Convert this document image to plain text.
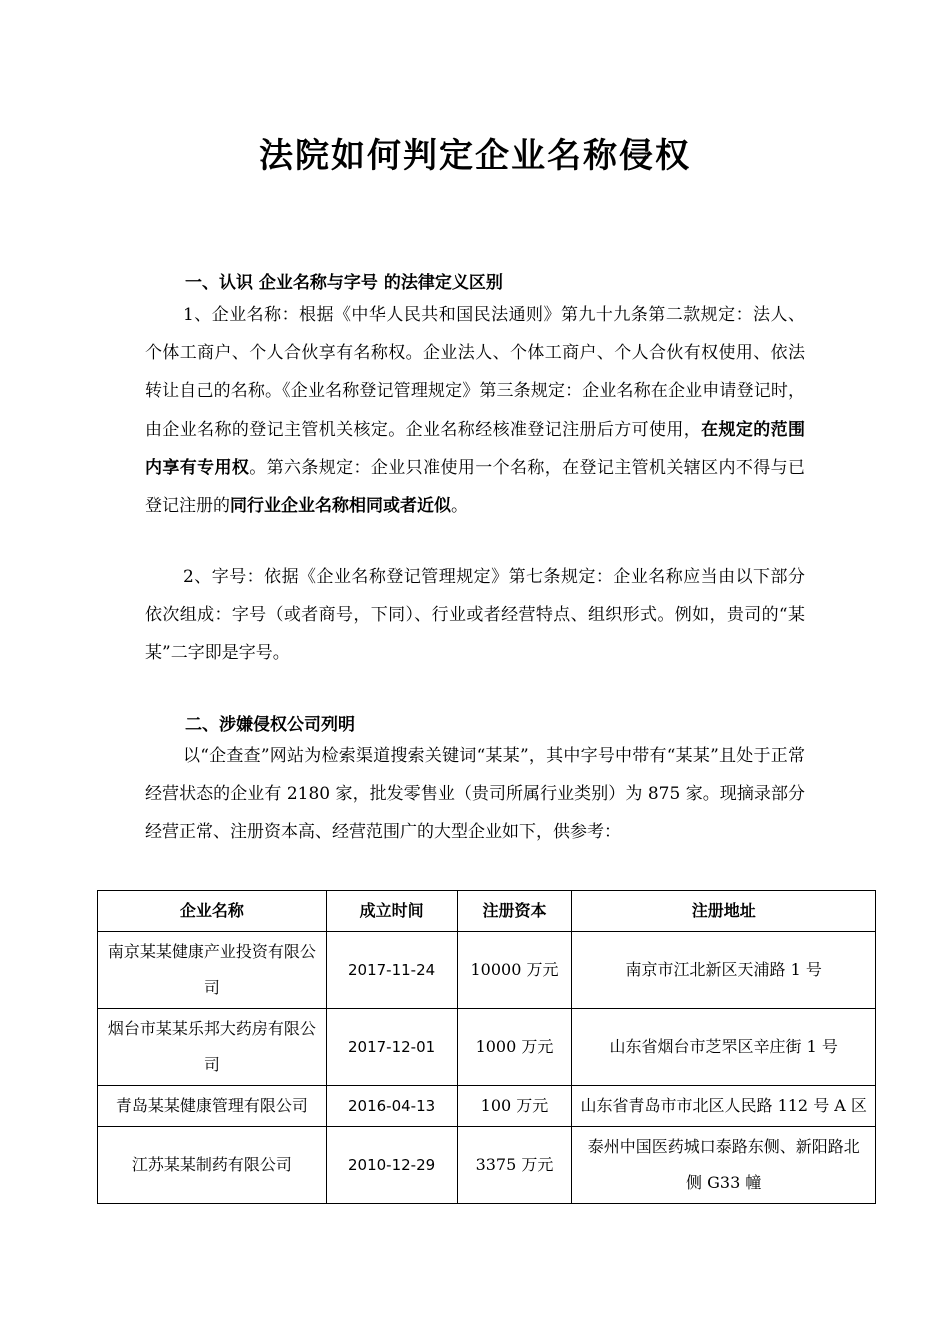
法院如何判定企业名称侵权
一、认识 企业名称与字号 的法律定义区别
1、企业名称：根据《中华人民共和国民法通则》第九十九条第二款规定：法人、个体工商户、个人合伙享有名称权。企业法人、个体工商户、个人合伙有权使用、依法转让自己的名称。《企业名称登记管理规定》第三条规定：企业名称在企业申请登记时，由企业名称的登记主管机关核定。企业名称经核准登记注册后方可使用，在规定的范围内享有专用权。第六条规定：企业只准使用一个名称，在登记主管机关辖区内不得与已登记注册的同行业企业名称相同或者近似。
2、字号：依据《企业名称登记管理规定》第七条规定：企业名称应当由以下部分依次组成：字号（或者商号，下同）、行业或者经营特点、组织形式。例如，贵司的“某某”二字即是字号。
二、涉嫌侵权公司列明
以“企查查”网站为检索渠道搜索关键词“某某”，其中字号中带有“某某”且处于正常经营状态的企业有 2180 家，批发零售业（贵司所属行业类别）为 875 家。现摘录部分经营正常、注册资本高、经营范围广的大型企业如下，供参考：
企业名称	成立时间	注册资本	注册地址
南京某某健康产业投资有限公司	2017-11-24	10000 万元	南京市江北新区天浦路 1 号
烟台市某某乐邦大药房有限公司	2017-12-01	1000 万元	山东省烟台市芝罘区辛庄街 1 号
青岛某某健康管理有限公司	2016-04-13	100 万元	山东省青岛市市北区人民路 112 号 A 区
江苏某某制药有限公司	2010-12-29	3375 万元	泰州中国医药城口泰路东侧、新阳路北侧 G33 幢
